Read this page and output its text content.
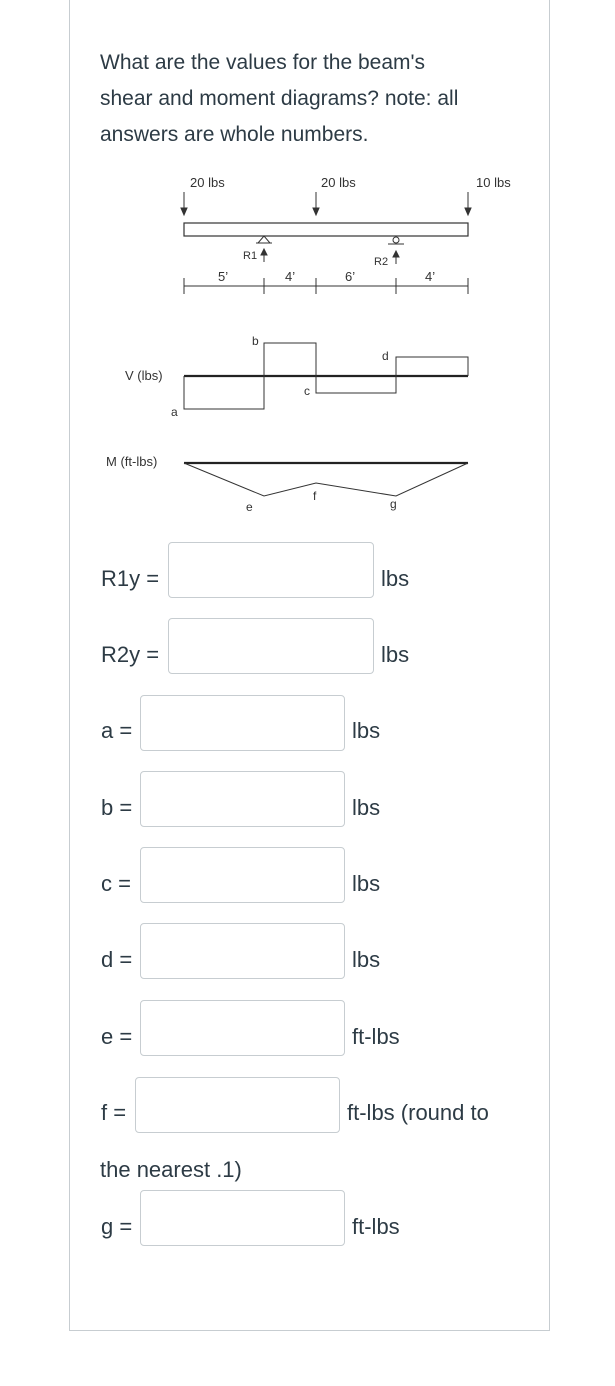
What are the values for the beam's
shear and moment diagrams? note: all
answers are whole numbers.
20 lbs	20 lbs	10 lbs
R1	R2
5’	4’	6’	4’
V (lbs)
a
b
c
d
M (ft-lbs)
e
f
g
R1y =	lbs
R2y =	lbs
a =	lbs
b =	lbs
c =	lbs
d =	lbs
e =	ft-lbs
f =	ft-lbs (round to
the nearest .1)
g =	ft-lbs
